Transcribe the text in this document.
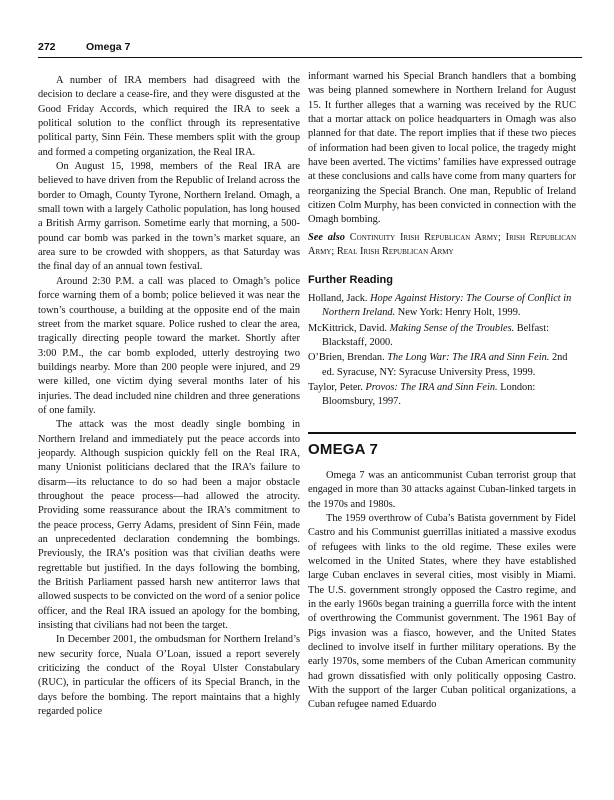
272	Omega 7

A number of IRA members had disagreed with the decision to declare a cease-fire, and they were disgusted at the Good Friday Accords, which required the IRA to seek a political solution to the conflict through its representative political party, Sinn Féin. These members split with the group and formed a competing organization, the Real IRA.

On August 15, 1998, members of the Real IRA are believed to have driven from the Republic of Ireland across the border to Omagh, County Tyrone, Northern Ireland. Omagh, a small town with a largely Catholic population, has long housed a British Army garrison. Sometime early that morning, a 500-pound car bomb was parked in the town’s market square, an area sure to be crowded with shoppers, as that Saturday was the final day of an annual town festival.

Around 2:30 P.M. a call was placed to Omagh’s police force warning them of a bomb; police believed it was near the town’s courthouse, a building at the opposite end of the main street from the market square. Police rushed to clear the area, tragically directing people toward the market. Shortly after 3:00 P.M., the car bomb exploded, utterly destroying two buildings nearby. More than 200 people were injured, and 29 were killed, one victim dying several months later of his injuries. The dead included nine children and three generations of one family.

The attack was the most deadly single bombing in Northern Ireland and immediately put the peace accords into jeopardy. Although suspicion quickly fell on the Real IRA, many Unionist politicians declared that the IRA’s failure to disarm—its reluctance to do so had been a major obstacle throughout the peace process—had allowed the atrocity. Providing some reassurance about the IRA’s commitment to the peace process, Gerry Adams, president of Sinn Féin, made an unprecedented declaration condemning the bombings. Previously, the IRA’s position was that civilian deaths were regrettable but justified. In the days following the bombing, the British Parliament passed harsh new antiterror laws that allowed suspects to be convicted on the word of a senior police officer, and the Real IRA issued an apology for the bombing, insisting that civilians had not been the target.

In December 2001, the ombudsman for Northern Ireland’s new security force, Nuala O’Loan, issued a report severely criticizing the conduct of the Royal Ulster Constabulary (RUC), in particular the officers of its Special Branch, in the days before the bombing. The report maintains that a highly regarded police

informant warned his Special Branch handlers that a bombing was being planned somewhere in Northern Ireland for August 15. It further alleges that a warning was received by the RUC that a mortar attack on police headquarters in Omagh was also planned for that date. The report implies that if these two pieces of information had been given to local police, the tragedy might have been averted. The victims’ families have expressed outrage at these conclusions and calls have come from many quarters for reorganizing the Special Branch. One man, Republic of Ireland citizen Colm Murphy, has been convicted in connection with the Omagh bombing.

See also Continuity Irish Republican Army; Irish Republican Army; Real Irish Republican Army

Further Reading

Holland, Jack. Hope Against History: The Course of Conflict in Northern Ireland. New York: Henry Holt, 1999.

McKittrick, David. Making Sense of the Troubles. Belfast: Blackstaff, 2000.

O’Brien, Brendan. The Long War: The IRA and Sinn Fein. 2nd ed. Syracuse, NY: Syracuse University Press, 1999.

Taylor, Peter. Provos: The IRA and Sinn Fein. London: Bloomsbury, 1997.

OMEGA 7

Omega 7 was an anticommunist Cuban terrorist group that engaged in more than 30 attacks against Cuban-linked targets in the 1970s and 1980s.

The 1959 overthrow of Cuba’s Batista government by Fidel Castro and his Communist guerrillas initiated a massive exodus of refugees with links to the old regime. These exiles were welcomed in the United States, where they have established large Cuban enclaves in several cities, most visibly in Miami. The U.S. government strongly opposed the Castro regime, and in the early 1960s began training a guerrilla force with the intent of overthrowing the Communist government. The 1961 Bay of Pigs invasion was a fiasco, however, and the United States declined to involve itself in further military operations. By the early 1970s, some members of the Cuban American community had grown dissatisfied with only politically opposing Castro. With the support of the larger Cuban political organizations, a Cuban refugee named Eduardo
